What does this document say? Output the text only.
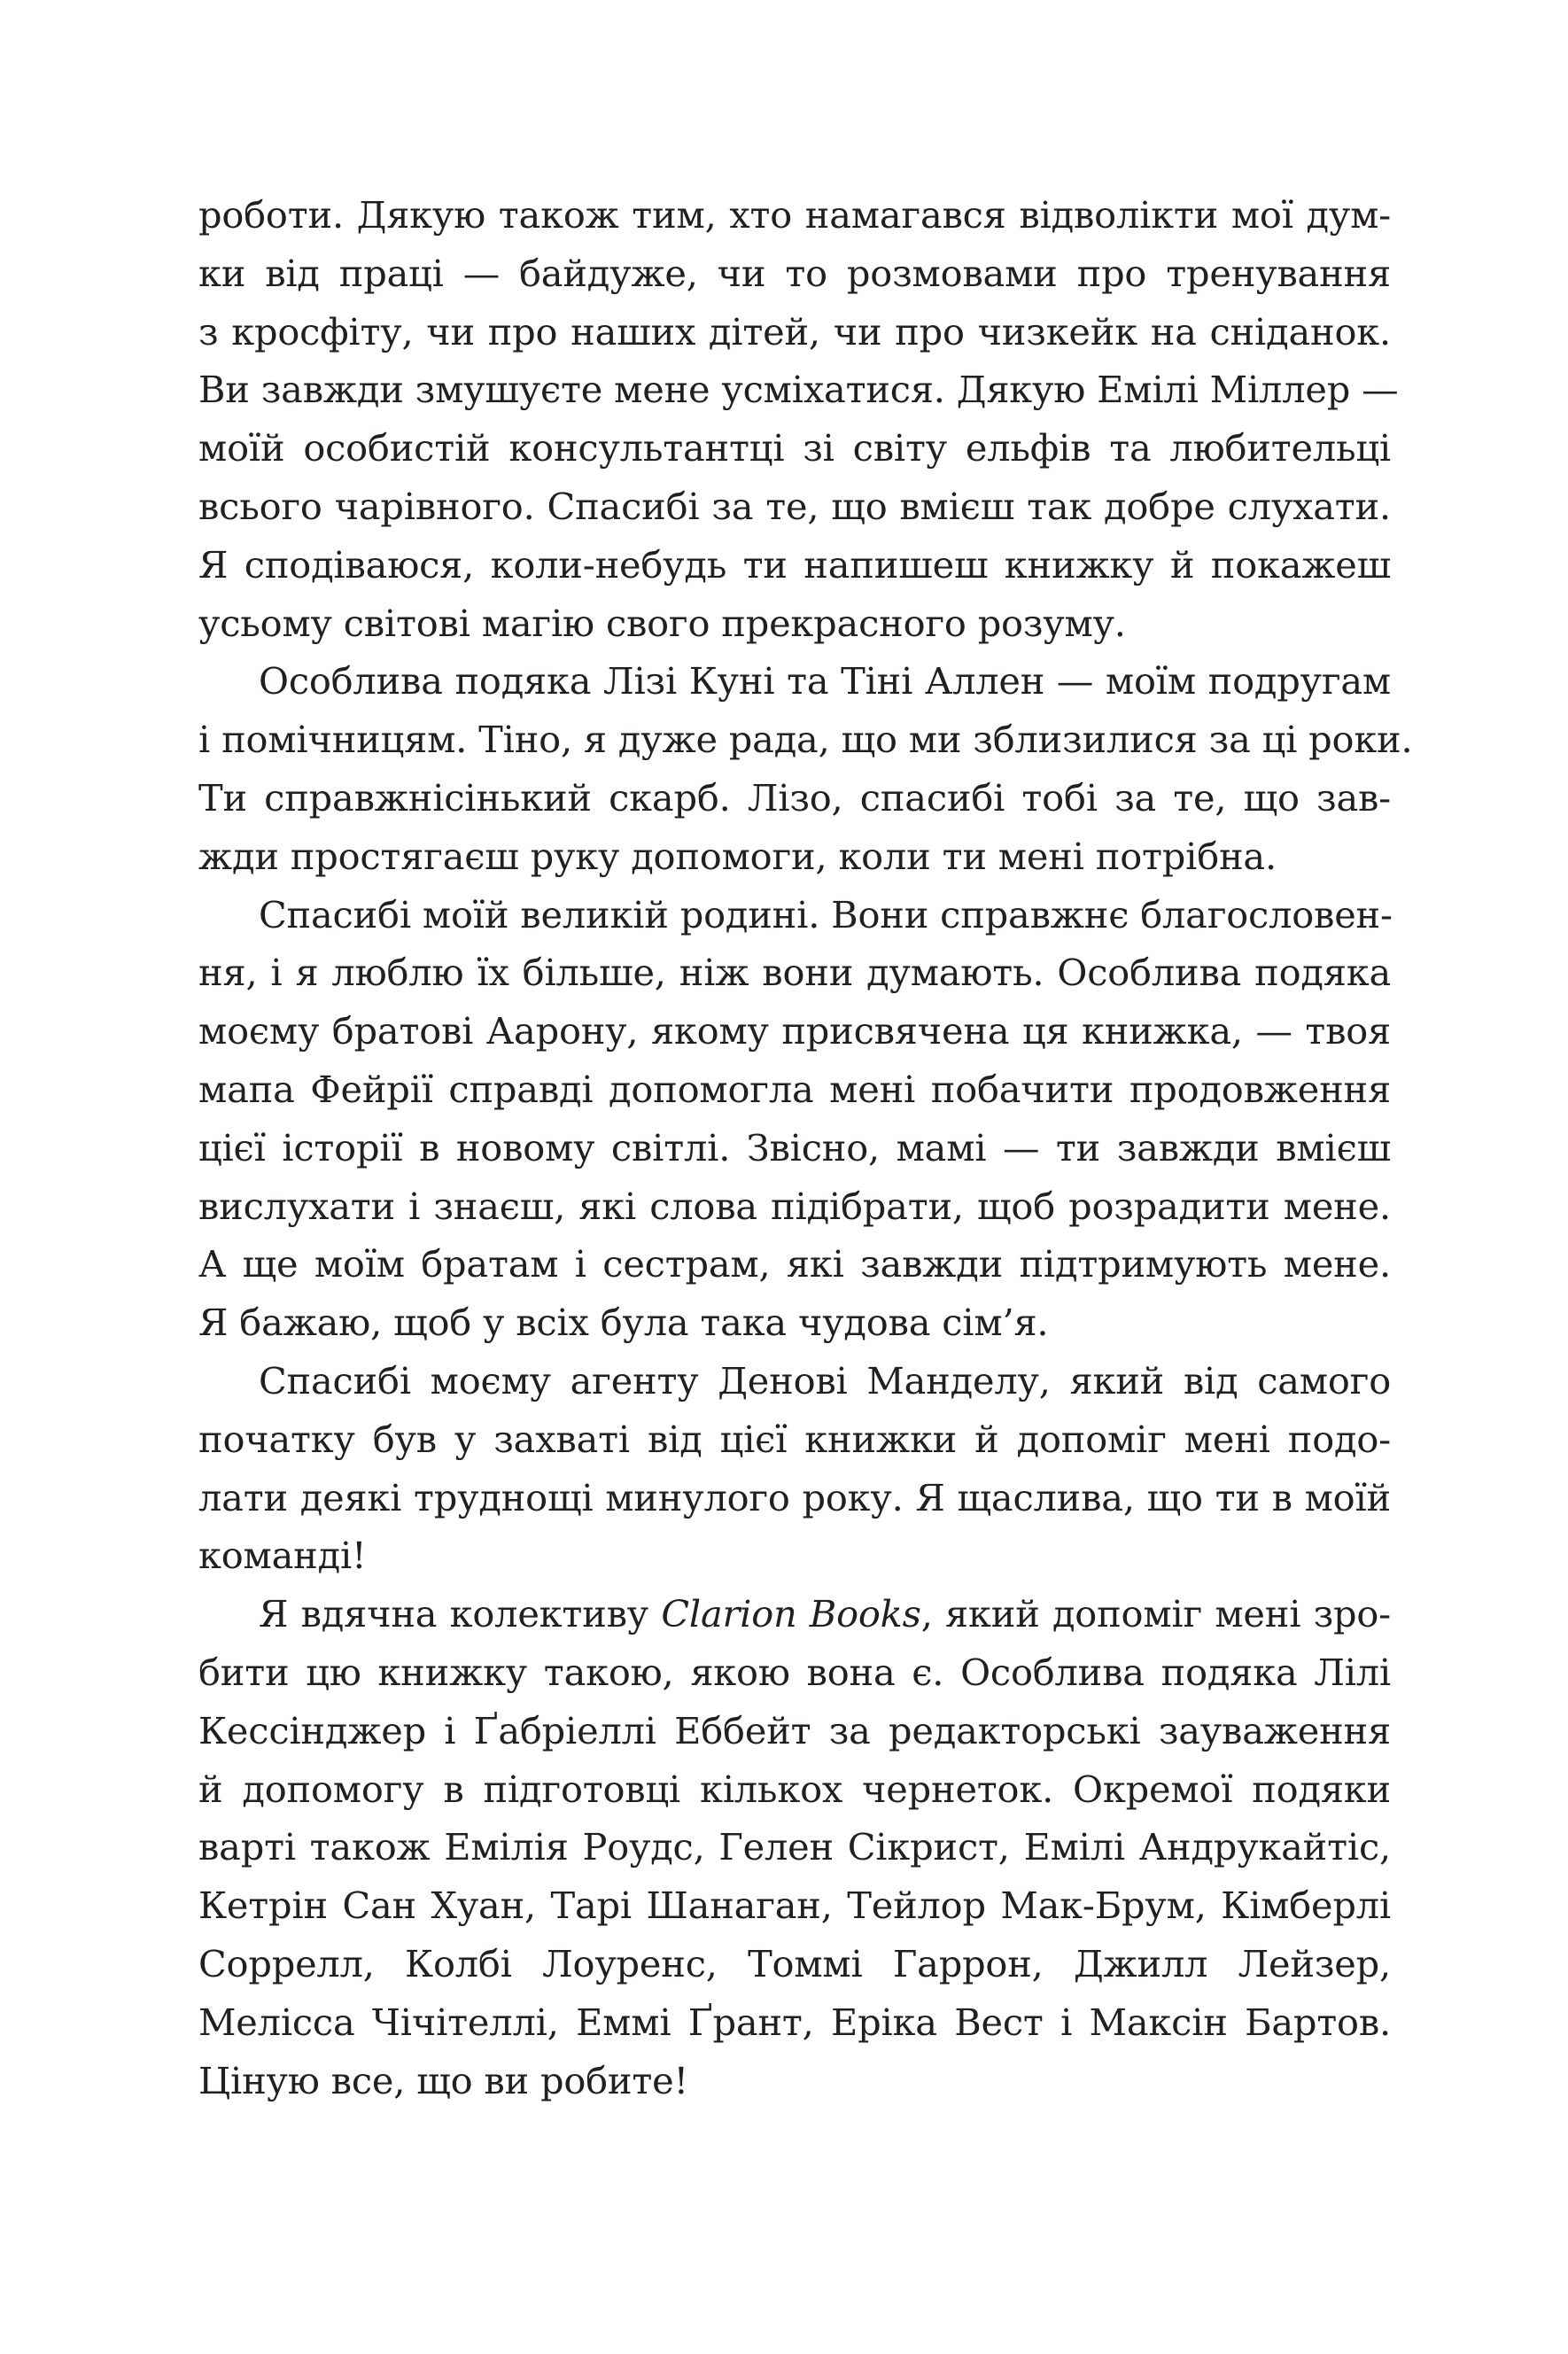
роботи. Дякую також тим, хто намагався відволікти мої дум-
ки від праці — байдуже, чи то розмовами про тренування
з кросфіту, чи про наших дітей, чи про чизкейк на сніданок.
Ви завжди змушуєте мене усміхатися. Дякую Емілі Міллер —
моїй особистій консультантці зі світу ельфів та любительці
всього чарівного. Спасибі за те, що вмієш так добре слухати.
Я сподіваюся, коли-небудь ти напишеш книжку й покажеш
усьому світові магію свого прекрасного розуму.
Особлива подяка Лізі Куні та Тіні Аллен — моїм подругам
і помічницям. Тіно, я дуже рада, що ми зблизилися за ці роки.
Ти справжнісінький скарб. Лізо, спасибі тобі за те, що зав-
жди простягаєш руку допомоги, коли ти мені потрібна.
Спасибі моїй великій родині. Вони справжнє благословен-
ня, і я люблю їх більше, ніж вони думають. Особлива подяка
моєму братові Аарону, якому присвячена ця книжка, — твоя
мапа Фейрії справді допомогла мені побачити продовження
цієї історії в новому світлі. Звісно, мамі — ти завжди вмієш
вислухати і знаєш, які слова підібрати, щоб розрадити мене.
А ще моїм братам і сестрам, які завжди підтримують мене.
Я бажаю, щоб у всіх була така чудова сім’я.
Спасибі моєму агенту Денові Манделу, який від самого
початку був у захваті від цієї книжки й допоміг мені подо-
лати деякі труднощі минулого року. Я щаслива, що ти в моїй
команді!
Я вдячна колективу Clarion Books, який допоміг мені зро-
бити цю книжку такою, якою вона є. Особлива подяка Лілі
Кессінджер і Ґабріеллі Еббейт за редакторські зауваження
й допомогу в підготовці кількох чернеток. Окремої подяки
варті також Емілія Роудс, Гелен Сікрист, Емілі Андрукайтіс,
Кетрін Сан Хуан, Тарі Шанаган, Тейлор Мак-Брум, Кімберлі
Соррелл, Колбі Лоуренс, Томмі Гаррон, Джилл Лейзер,
Мелісса Чічітеллі, Еммі Ґрант, Еріка Вест і Максін Бартов.
Ціную все, що ви робите!
